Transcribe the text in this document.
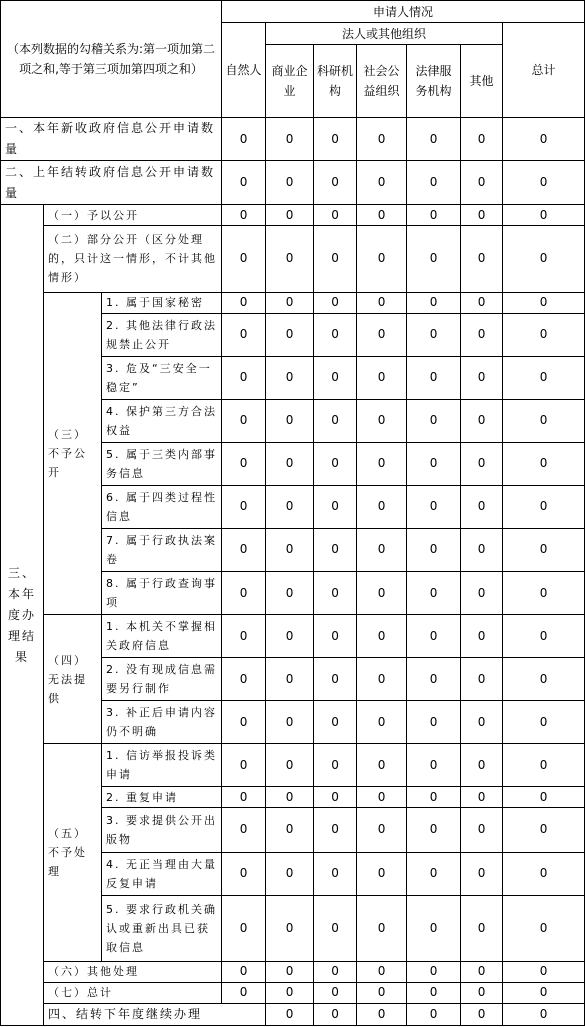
（本列数据的勾稽关系为:第一项加第二项之和,等于第三项加第四项之和）			申请人情况							
			自然人	法人或其他组织					总计	
				商业企业	科研机构	社会公益组织	法律服务机构	其他		
一、本年新收政府信息公开申请数量			0	0	0	0	0	0	0	
二、上年结转政府信息公开申请数量			0	0	0	0	0	0	0	
三、本年度办理结果	（一）予以公开		0	0	0	0	0	0	0	
	（二）部分公开（区分处理的，只计这一情形，不计其他情形）		0	0	0	0	0	0	0	
	（三）不予公开	1. 属于国家秘密	0	0	0	0	0	0	0	
		2. 其他法律行政法规禁止公开	0	0	0	0	0	0	0	
		3. 危及“三安全一稳定”	0	0	0	0	0	0	0	
		4. 保护第三方合法权益	0	0	0	0	0	0	0	
		5. 属于三类内部事务信息	0	0	0	0	0	0	0	
		6. 属于四类过程性信息	0	0	0	0	0	0	0	
		7. 属于行政执法案卷	0	0	0	0	0	0	0	
		8. 属于行政查询事项	0	0	0	0	0	0	0	
	（四）无法提供	1. 本机关不掌握相关政府信息	0	0	0	0	0	0	0	
		2. 没有现成信息需要另行制作	0	0	0	0	0	0	0	
		3. 补正后申请内容仍不明确	0	0	0	0	0	0	0	
	（五）不予处理	1. 信访举报投诉类申请	0	0	0	0	0	0	0	
		2. 重复申请	0	0	0	0	0	0	0	
		3. 要求提供公开出版物	0	0	0	0	0	0	0	
		4. 无正当理由大量反复申请	0	0	0	0	0	0	0	
		5. 要求行政机关确认或重新出具已获取信息	0	0	0	0	0	0	0	
	（六）其他处理		0	0	0	0	0	0	0	
	（七）总计		0	0	0	0	0	0	0	
	四、结转下年度继续办理			0	0	0	0	0	0	
